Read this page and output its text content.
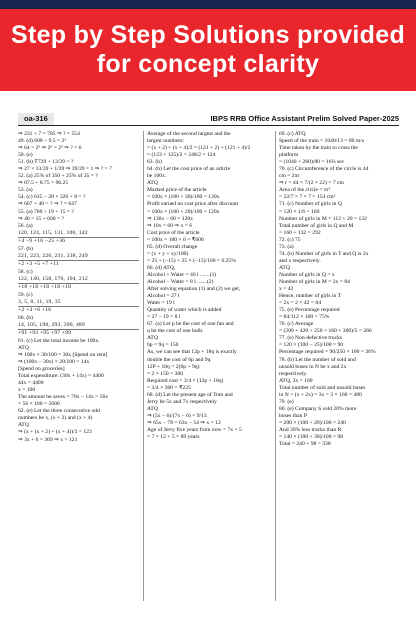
Step by Step Solutions provided
for concept clarity
oa-316	IBPS RRB Office Assistant Prelim Solved Paper-2025
⇒ 231 + 7 = 785 ⇒ ? = 554
49. (d) 608 ÷ 9.5 = 2³
⇒ 64 = 2³ ⇒ 2⁶ = 2³ ⇒ ? = 6
50. (e)
51. (b) ∛729 + 13/39 = ?
⇒ 27 × 13/39 + 1/39 ⇒ 39/39 = 1 ⇒ ? = 7
52. (a) 25% of 350 + 25% of 35 = ?
⇒ 87.5 + 8.75 = 96.25
53. (a)
54. (c) 635 − 28 × 320 + 8 = ?
⇒ 607 + 40 = ? ⇒ ? = 647
55. (a) 760 ÷ 19 + 15 = ?
⇒ 40 = 15 + 600 = ?
56. (a)
120, 124, 115, 131, 106, 142
+4 −9 +16 −25 +36
57. (b)
221, 223, 226, 231, 238, 249
+2 +3 +5 +7 +11
58. (c)
122, 140, 158, 176, 194, 212
+18 +18 +18 +18 +18
59. (c)
3, 5, 8, 11, 19, 35
+2 +4 +6 +16
60. (b)
14, 105, 198, 293, 390, 489
+91 +93 +95 +97 +99
61. (c) Let the total income be 100x.
ATQ
⇒ 100x × 30/100 = 30x [Spend on rent]
⇒ (100x − 30x) × 20/100 = 14x
[Spend on groceries]
Total expenditure: (30x + 14x) = 4400
44x = 4400
x = 100
The amount he saves = 70x − 14x = 56x
= 56 × 100 = 5600
62. (e) Let the three consecutive odd
numbers be x, (x + 2) and (x + 4)
ATQ
⇒ (x + (x + 2) + (x + 4))/3 = 123
⇒ 3x + 6 = 369 ⇒ x = 121
Average of the second largest and the
largest numbers:
= (x + 2) + (x + 4)/2 = (121 + 2) + (121 + 4)/2
= (123 + 125)/2 = 248/2 = 124
63. (b)
64. (b) Let the cost price of an article
be 100x.
ATQ
Marked price of the article
= 100x × (100 + 30)/100 = 130x
Profit earned on cost price after discount
= 100x × (100 + 20)/100 = 120x
⇒ 130x − 60 = 120x
⇒ 10x = 60 ⇒ x = 6
Cost price of the article
= 100x = 100 × 6 = ₹600
65. (d) Overall change
= (x + y + xy/100)
= 25 + (−15) + 25 × (−15)/100 = 6.25%
66. (d) ATQ,
Alcohol + Water = 46 l .......(1)
Alcohol − Water = 8 l .......(2)
After solving equation (1) and (2) we get,
Alcohol = 27 l
Water = 19 l
Quantity of water which is added
= 27 − 19 = 8 l
67. (a) Let p be the cost of one fan and
q be the cost of one bulb.
ATQ
6p = 9q = 150
As, we can see that 12p + 18q is exactly
double the cost of 6p and 9q
12P + 18q = 2(6p + 9q)
= 2 × 150 = 300
Required cost = 3/4 × (12p + 18q)
= 3/4 × 300 = ₹225
68. (d) Let the present age of Tom and
Jerry be 5x and 7x respectively
ATQ
⇒ (5x − 6)/(7x − 6) = 9/13
⇒ 65x − 78 = 63x − 54 ⇒ x = 12
Age of Jerry five years from now = 7x + 5
= 7 × 12 + 5 = 89 years
69. (c) ATQ
Speed of the train = 1040/13 = 80 m/s
Time taken by the train to cross the
platform
= (1040 + 260)/80 = 16¼ sec
70. (c) Circumference of the circle is 44
cm = 2πr
⇒ r = 44 × 7/(2 × 22) = 7 cm
Area of the circle = πr²
= 22/7 × 7 × 7 = 154 cm²
71. (c) Number of girls in Q
= 120 × 1/6 = 160
Number of girls in M = 112 + 20 = 132
Total number of girls in Q and M
= 160 + 132 = 292
72. (c) 75
73. (a)
74. (b) Number of girls in T and Q is 2x
and x respectively.
ATQ
Number of girls in Q = x
Number of girls in M = 2x = 84
x = 42
Hence, number of girls in T
= 2x = 2 × 42 = 84
75. (e) Percentage required
= 84/112 × 100 = 75%
76. (c) Average
= (200 + 420 + 250 + 160 + 300)/5 = 266
77. (e) Non-defective trucks
= 120 × (100 − 25)/100 = 90
Percentage required = 90/250 × 100 = 36%
78. (b) Let the number of sold and
unsold buses in N be x and 2x
respectively.
ATQ, 3x = 160
Total number of sold and unsold buses
in N = (x + 2x) = 3x = 3 × 160 = 480
79. (e)
80. (e) Company S sold 20% more
buses than P
= 200 × (100 + 20)/100 = 240
And 30% less trucks than R
= 140 × (100 + 30)/100 = 98
Total = 240 + 98 = 338
